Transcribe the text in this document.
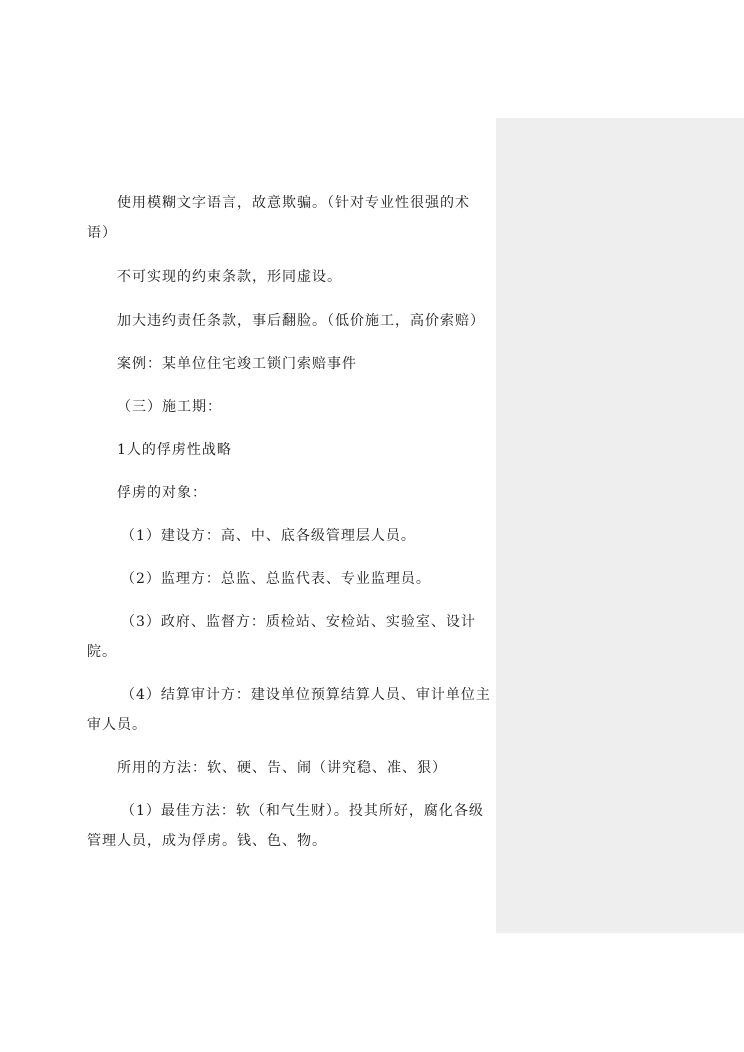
使用模糊文字语言，故意欺骗。（针对专业性很强的术语）

不可实现的约束条款，形同虚设。

加大违约责任条款，事后翻脸。（低价施工，高价索赔）

案例：某单位住宅竣工锁门索赔事件

（三）施工期：

1人的俘虏性战略

俘虏的对象：

（1）建设方：高、中、底各级管理层人员。

（2）监理方：总监、总监代表、专业监理员。

（3）政府、监督方：质检站、安检站、实验室、设计院。

（4）结算审计方：建设单位预算结算人员、审计单位主审人员。

所用的方法：软、硬、告、闹（讲究稳、准、狠）

（1）最佳方法：软（和气生财）。投其所好，腐化各级管理人员，成为俘虏。钱、色、物。
